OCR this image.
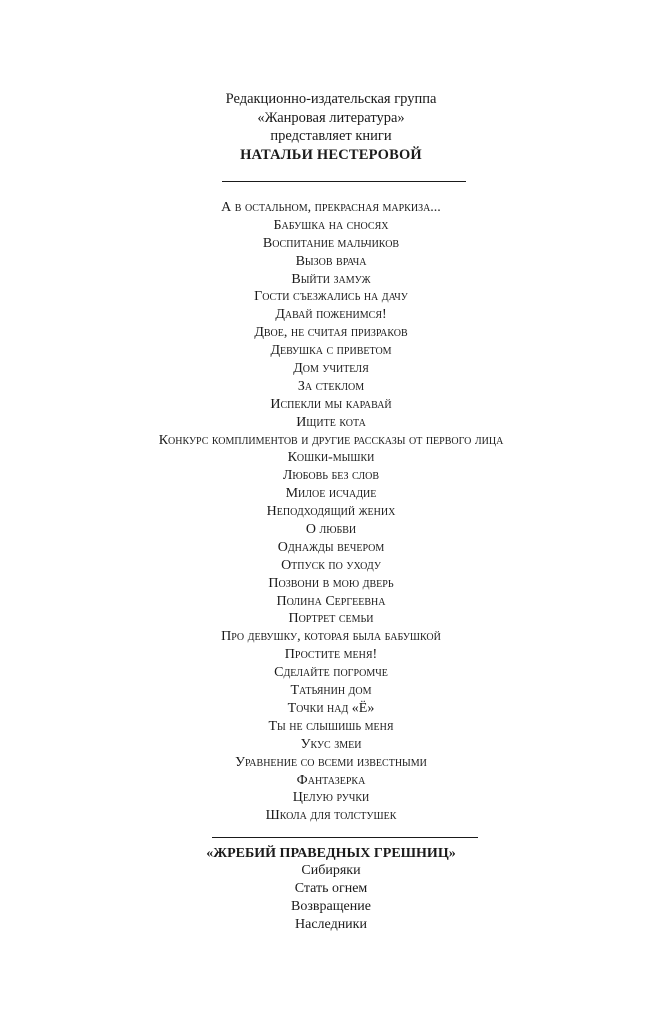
Редакционно-издательская группа
«Жанровая литература»
представляет книги
НАТАЛЬИ НЕСТЕРОВОЙ
А в остальном, прекрасная маркиза...
Бабушка на сносях
Воспитание мальчиков
Вызов врача
Выйти замуж
Гости съезжались на дачу
Давай поженимся!
Двое, не считая призраков
Девушка с приветом
Дом учителя
За стеклом
Испекли мы каравай
Ищите кота
Конкурс комплиментов и другие рассказы от первого лица
Кошки-мышки
Любовь без слов
Милое исчадие
Неподходящий жених
О любви
Однажды вечером
Отпуск по уходу
Позвони в мою дверь
Полина Сергеевна
Портрет семьи
Про девушку, которая была бабушкой
Простите меня!
Сделайте погромче
Татьянин дом
Точки над «Ё»
Ты не слышишь меня
Укус змеи
Уравнение со всеми известными
Фантазерка
Целую ручки
Школа для толстушек
«ЖРЕБИЙ ПРАВЕДНЫХ ГРЕШНИЦ»
Сибиряки
Стать огнем
Возвращение
Наследники
